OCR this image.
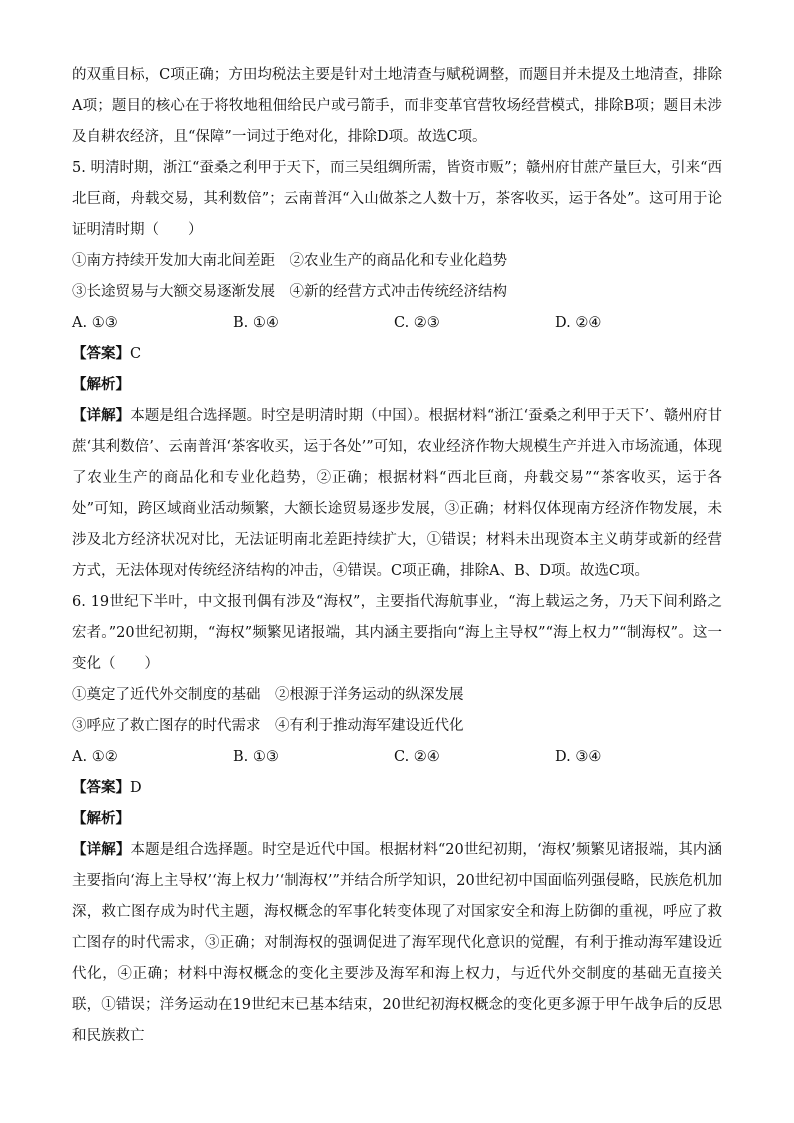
的双重目标，C项正确；方田均税法主要是针对土地清查与赋税调整，而题目并未提及土地清查，排除A项；题目的核心在于将牧地租佃给民户或弓箭手，而非变革官营牧场经营模式，排除B项；题目未涉及自耕农经济，且“保障”一词过于绝对化，排除D项。故选C项。

5. 明清时期，浙江“蚕桑之利甲于天下，而三吴组绸所需，皆资市贩”；赣州府甘蔗产量巨大，引来“西北巨商，舟载交易，其利数倍”；云南普洱“入山做茶之人数十万，茶客收买，运于各处”。这可用于论证明清时期（　　）

①南方持续开发加大南北间差距　②农业生产的商品化和专业化趋势

③长途贸易与大额交易逐渐发展　④新的经营方式冲击传统经济结构

A. ①③	B. ①④	C. ②③	D. ②④

【答案】C

【解析】

【详解】本题是组合选择题。时空是明清时期（中国）。根据材料“浙江‘蚕桑之利甲于天下’、赣州府甘蔗‘其利数倍’、云南普洱‘茶客收买，运于各处’”可知，农业经济作物大规模生产并进入市场流通，体现了农业生产的商品化和专业化趋势，②正确；根据材料“西北巨商，舟载交易”“茶客收买，运于各处”可知，跨区域商业活动频繁，大额长途贸易逐步发展，③正确；材料仅体现南方经济作物发展，未涉及北方经济状况对比，无法证明南北差距持续扩大，①错误；材料未出现资本主义萌芽或新的经营方式，无法体现对传统经济结构的冲击，④错误。C项正确，排除A、B、D项。故选C项。

6. 19世纪下半叶，中文报刊偶有涉及“海权”，主要指代海航事业，“海上载运之务，乃天下间利路之宏者。”20世纪初期，“海权”频繁见诸报端，其内涵主要指向“海上主导权”“海上权力”“制海权”。这一变化（　　）

①奠定了近代外交制度的基础　②根源于洋务运动的纵深发展

③呼应了救亡图存的时代需求　④有利于推动海军建设近代化

A. ①②	B. ①③	C. ②④	D. ③④

【答案】D

【解析】

【详解】本题是组合选择题。时空是近代中国。根据材料“20世纪初期，‘海权’频繁见诸报端，其内涵主要指向‘海上主导权’‘海上权力’‘制海权’”并结合所学知识，20世纪初中国面临列强侵略，民族危机加深，救亡图存成为时代主题，海权概念的军事化转变体现了对国家安全和海上防御的重视，呼应了救亡图存的时代需求，③正确；对制海权的强调促进了海军现代化意识的觉醒，有利于推动海军建设近代化，④正确；材料中海权概念的变化主要涉及海军和海上权力，与近代外交制度的基础无直接关联，①错误；洋务运动在19世纪末已基本结束，20世纪初海权概念的变化更多源于甲午战争后的反思和民族救亡
